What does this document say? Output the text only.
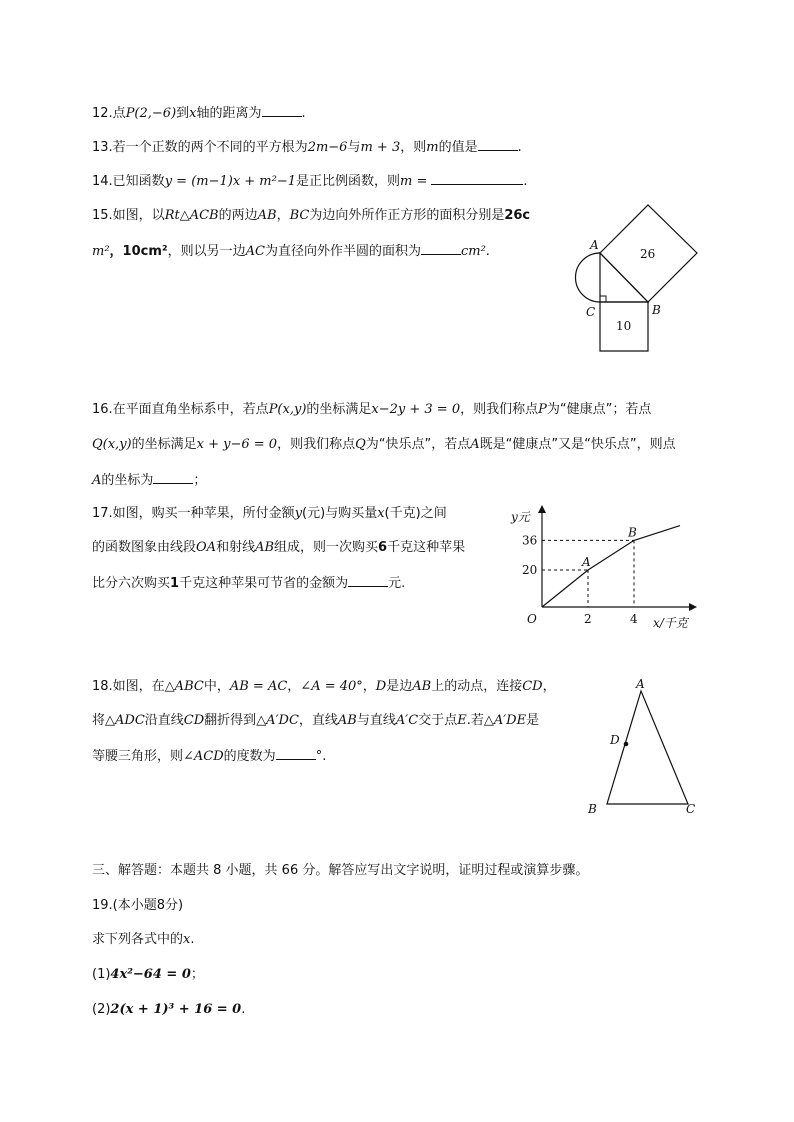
12.点P(2,−6)到x轴的距离为	.
13.若一个正数的两个不同的平方根为2m−6与m + 3，则m的值是	.
14.已知函数y = (m−1)x + m²−1是正比例函数，则m =	.
15.如图，以Rt△ACB的两边AB，BC为边向外所作正方形的面积分别是26c
m²，10cm²，则以另一边AC为直径向外作半圆的面积为	cm².	A
B
C
26
10
16.在平面直角坐标系中，若点P(x,y)的坐标满足x−2y + 3 = 0，则我们称点P为“健康点”；若点
Q(x,y)的坐标满足x + y−6 = 0，则我们称点Q为“快乐点”，若点A既是“健康点”又是“快乐点”，则点
A的坐标为	；
17.如图，购买一种苹果，所付金额y(元)与购买量x(千克)之间
的函数图象由线段OA和射线AB组成，则一次购买6千克这种苹果
比分六次购买1千克这种苹果可节省的金额为	元.
y元
x/千克
O
A
B
2	4
20
36
18.如图，在△ABC中，AB = AC，∠A = 40°，D是边AB上的动点，连接CD，
将△ADC沿直线CD翻折得到△A′DC，直线AB与直线A′C交于点E.若△A′DE是
等腰三角形，则∠ACD的度数为	°.
A
B	C
D
三、解答题：本题共 8 小题，共 66 分。解答应写出文字说明，证明过程或演算步骤。
19.(本小题8分)
求下列各式中的x.
(1)4x²−64 = 0；
(2)2(x + 1)³ + 16 = 0.
